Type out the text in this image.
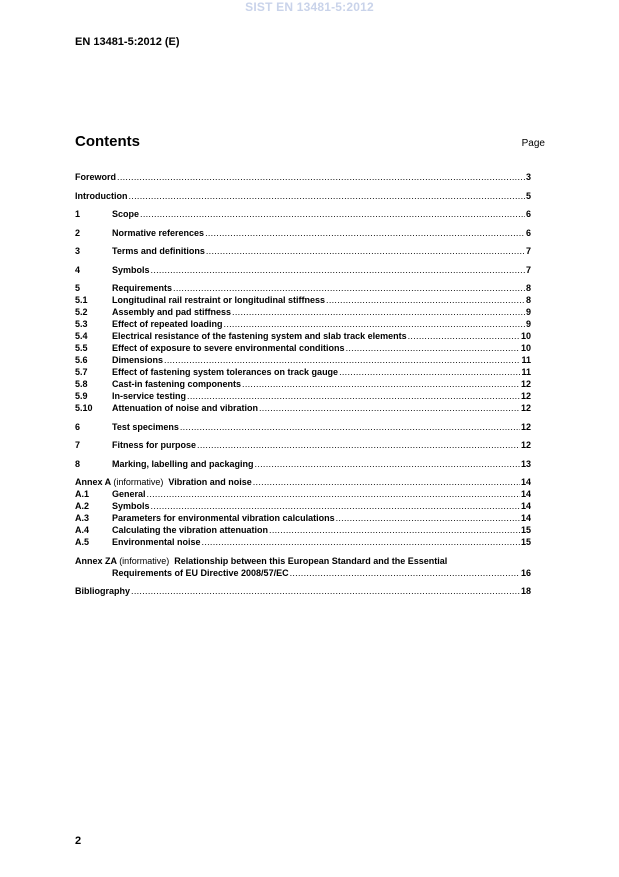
SIST EN 13481-5:2012
EN 13481-5:2012 (E)
Contents	Page
Foreword .....	3
Introduction .....	5
1	Scope .....	6
2	Normative references .....	6
3	Terms and definitions .....	7
4	Symbols .....	7
5	Requirements .....	8
5.1	Longitudinal rail restraint or longitudinal stiffness .....	8
5.2	Assembly and pad stiffness .....	9
5.3	Effect of repeated loading .....	9
5.4	Electrical resistance of the fastening system and slab track elements .....	10
5.5	Effect of exposure to severe environmental conditions .....	10
5.6	Dimensions .....	11
5.7	Effect of fastening system tolerances on track gauge .....	11
5.8	Cast-in fastening components .....	12
5.9	In-service testing .....	12
5.10	Attenuation of noise and vibration .....	12
6	Test specimens .....	12
7	Fitness for purpose .....	12
8	Marking, labelling and packaging .....	13
Annex A (informative) Vibration and noise .....	14
A.1	General .....	14
A.2	Symbols .....	14
A.3	Parameters for environmental vibration calculations .....	14
A.4	Calculating the vibration attenuation .....	15
A.5	Environmental noise .....	15
Annex ZA (informative) Relationship between this European Standard and the Essential
Requirements of EU Directive 2008/57/EC .....	16
Bibliography .....	18
2
